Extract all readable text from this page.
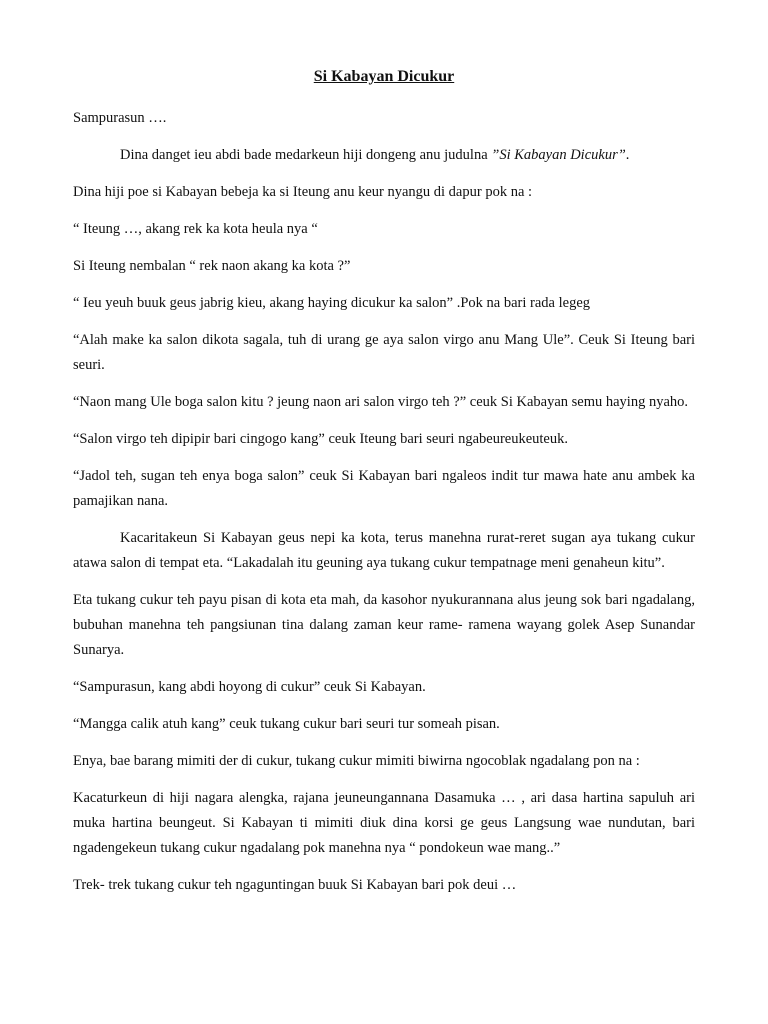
Si Kabayan Dicukur

Sampurasun ….

Dina danget ieu abdi bade medarkeun hiji dongeng anu judulna ”Si Kabayan Dicukur”.

Dina hiji poe si Kabayan bebeja ka si Iteung anu keur nyangu di dapur pok na :

“ Iteung …, akang rek ka kota heula nya “

Si Iteung nembalan “ rek naon akang ka kota ?”

“ Ieu yeuh buuk geus jabrig kieu, akang haying dicukur ka salon” .Pok na bari rada legeg

“Alah make ka salon dikota sagala, tuh di urang ge aya salon virgo anu Mang Ule”. Ceuk Si Iteung bari seuri.

“Naon mang Ule boga salon kitu ? jeung naon ari salon virgo teh ?” ceuk Si Kabayan semu haying nyaho.

“Salon virgo teh dipipir bari cingogo kang” ceuk Iteung bari seuri ngabeureukeuteuk.

“Jadol teh, sugan teh enya boga salon” ceuk Si Kabayan bari ngaleos indit tur mawa hate anu ambek ka pamajikan nana.

Kacaritakeun Si Kabayan geus nepi ka kota, terus manehna rurat-reret sugan aya tukang cukur atawa salon di tempat eta. “Lakadalah itu geuning aya tukang cukur tempatnage meni genaheun kitu”.

Eta tukang cukur teh payu pisan di kota eta mah, da kasohor nyukurannana alus jeung sok bari ngadalang, bubuhan manehna teh pangsiunan tina dalang zaman keur rame- ramena wayang golek Asep Sunandar Sunarya.

“Sampurasun, kang abdi hoyong di cukur” ceuk Si Kabayan.

“Mangga calik atuh kang” ceuk tukang cukur bari seuri tur someah pisan.

Enya, bae barang mimiti der di cukur, tukang cukur mimiti biwirna ngocoblak ngadalang pon na :

Kacaturkeun di hiji nagara alengka, rajana jeuneungannana Dasamuka … , ari dasa hartina sapuluh ari muka hartina beungeut. Si Kabayan ti mimiti diuk dina korsi ge geus Langsung wae nundutan, bari ngadengekeun tukang cukur ngadalang pok manehna nya “ pondokeun wae mang..”

Trek- trek tukang cukur teh ngaguntingan buuk Si Kabayan bari pok deui …
